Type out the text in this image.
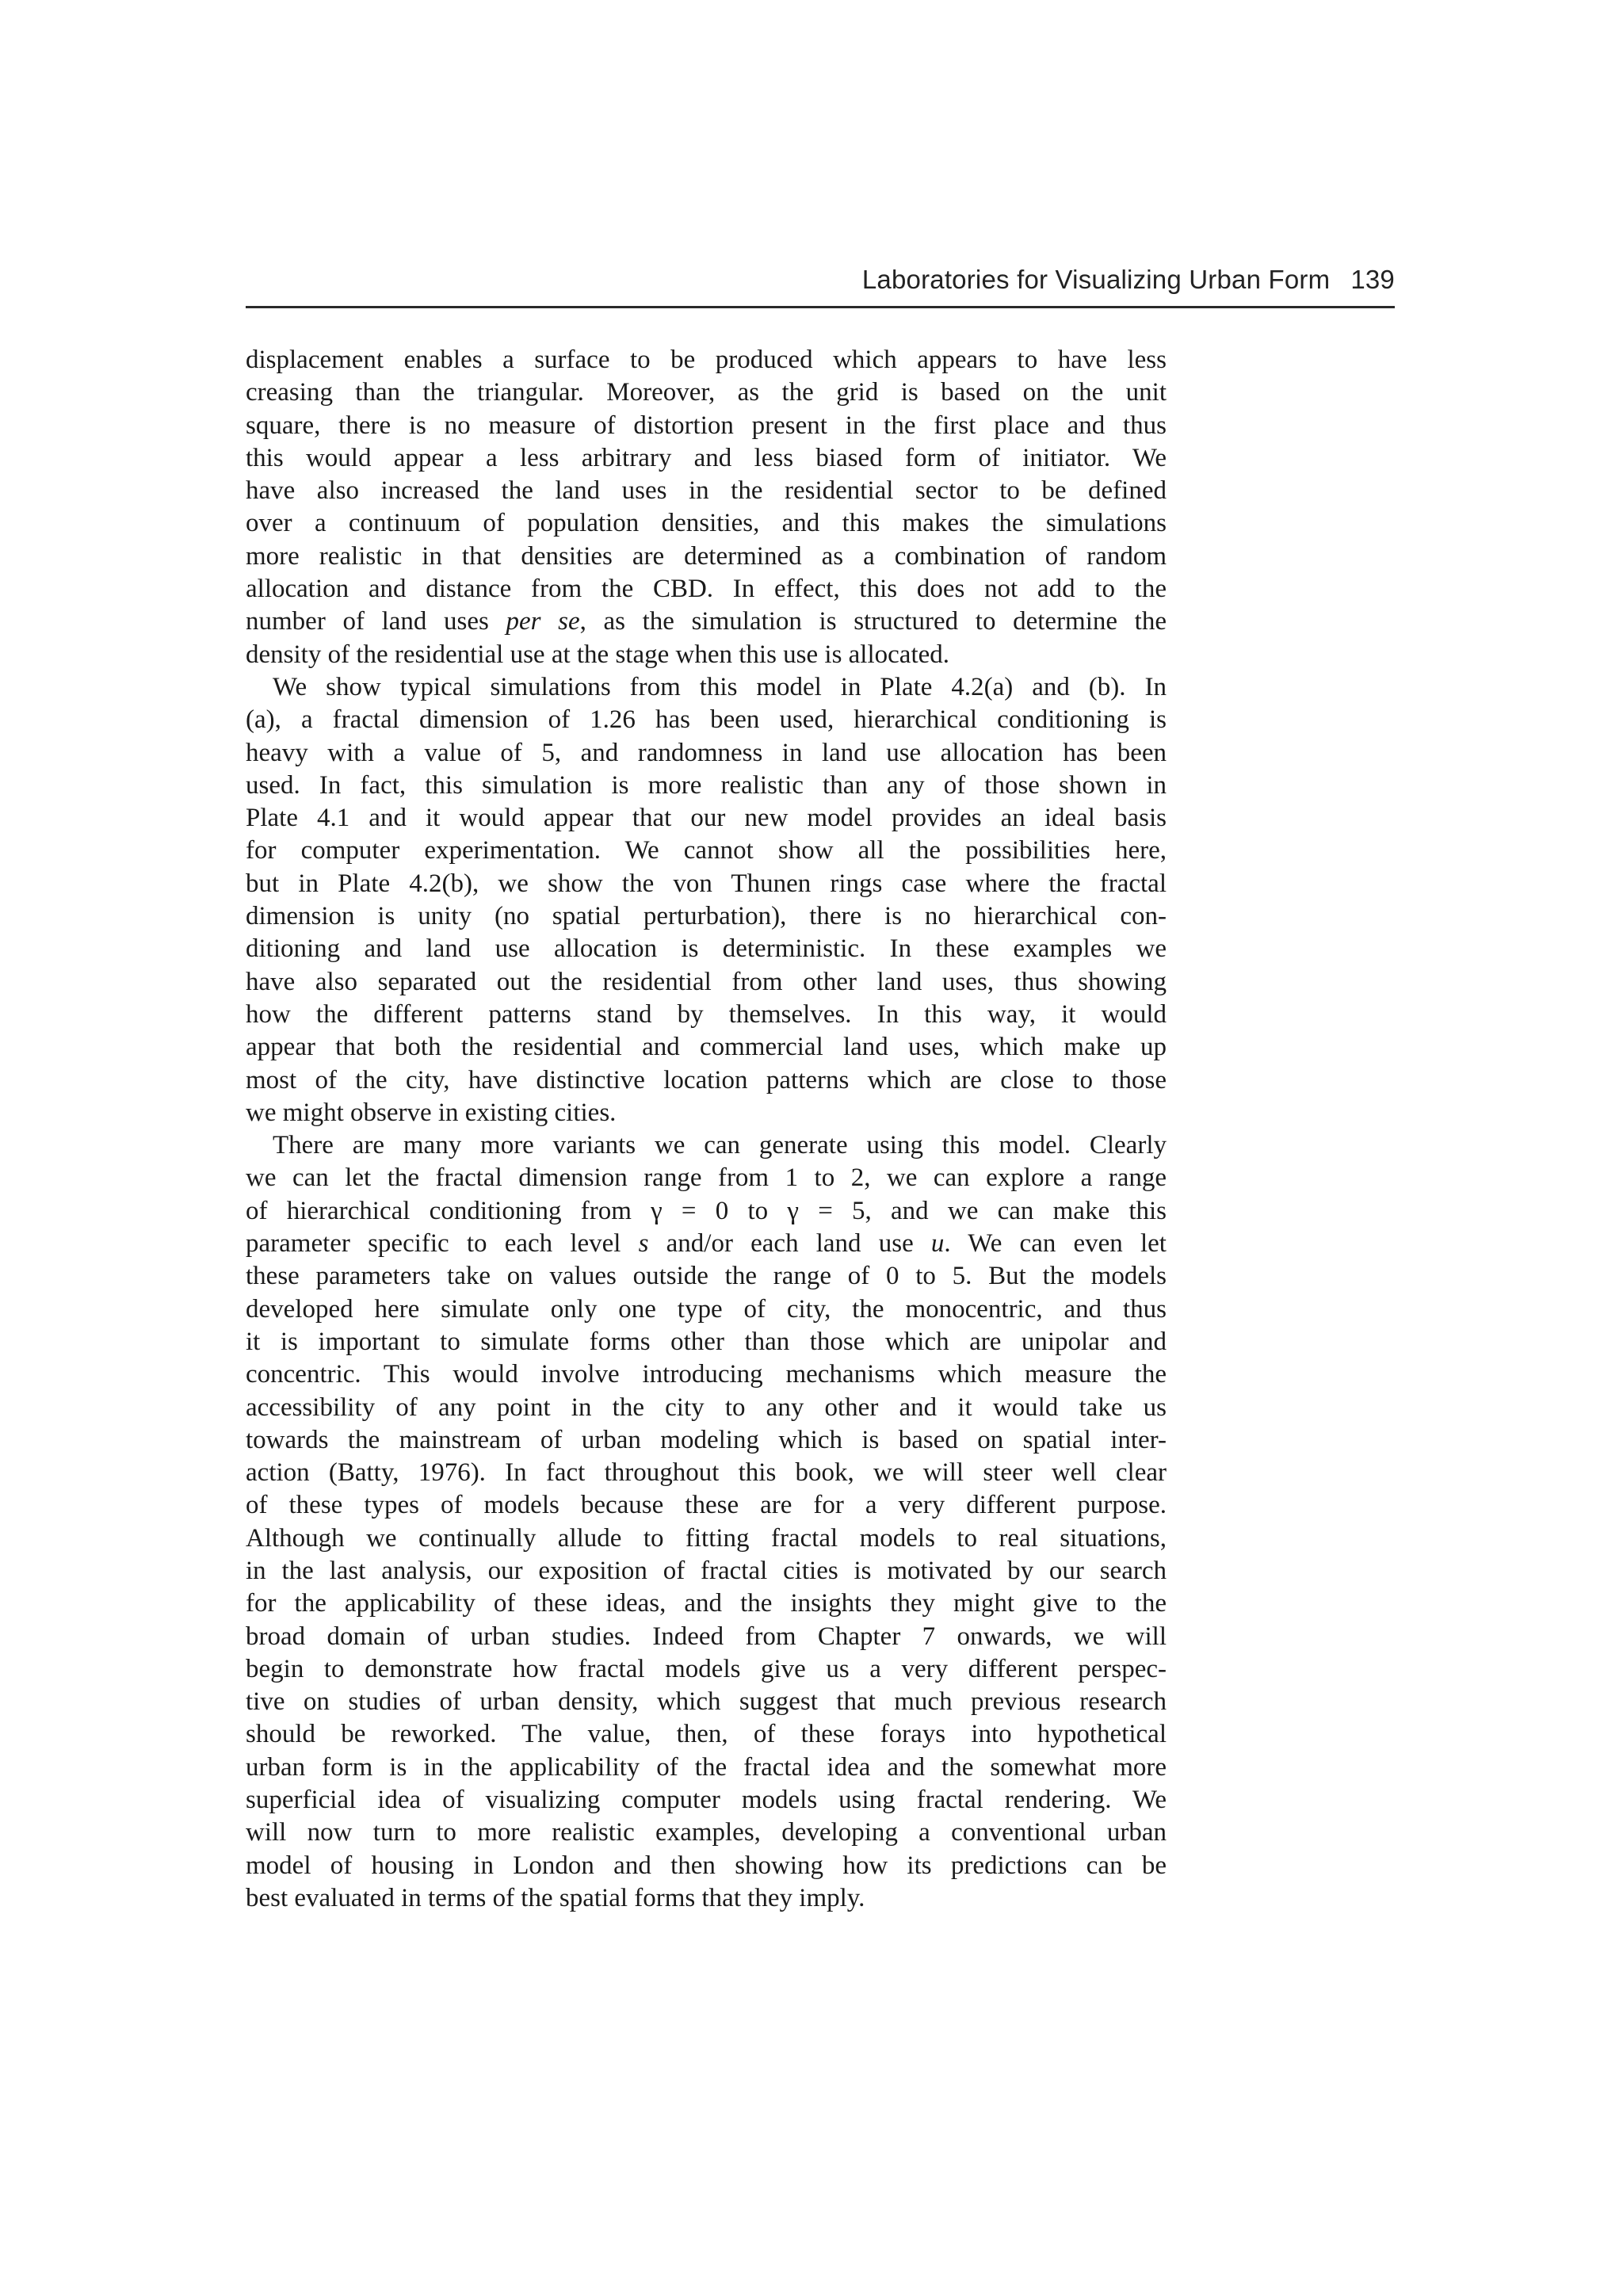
Laboratories for Visualizing Urban Form 139
displacement enables a surface to be produced which appears to have less
creasing than the triangular. Moreover, as the grid is based on the unit
square, there is no measure of distortion present in the first place and thus
this would appear a less arbitrary and less biased form of initiator. We
have also increased the land uses in the residential sector to be defined
over a continuum of population densities, and this makes the simulations
more realistic in that densities are determined as a combination of random
allocation and distance from the CBD. In effect, this does not add to the
number of land uses per se, as the simulation is structured to determine the
density of the residential use at the stage when this use is allocated.
We show typical simulations from this model in Plate 4.2(a) and (b). In
(a), a fractal dimension of 1.26 has been used, hierarchical conditioning is
heavy with a value of 5, and randomness in land use allocation has been
used. In fact, this simulation is more realistic than any of those shown in
Plate 4.1 and it would appear that our new model provides an ideal basis
for computer experimentation. We cannot show all the possibilities here,
but in Plate 4.2(b), we show the von Thunen rings case where the fractal
dimension is unity (no spatial perturbation), there is no hierarchical con-
ditioning and land use allocation is deterministic. In these examples we
have also separated out the residential from other land uses, thus showing
how the different patterns stand by themselves. In this way, it would
appear that both the residential and commercial land uses, which make up
most of the city, have distinctive location patterns which are close to those
we might observe in existing cities.
There are many more variants we can generate using this model. Clearly
we can let the fractal dimension range from 1 to 2, we can explore a range
of hierarchical conditioning from γ = 0 to γ = 5, and we can make this
parameter specific to each level s and/or each land use u. We can even let
these parameters take on values outside the range of 0 to 5. But the models
developed here simulate only one type of city, the monocentric, and thus
it is important to simulate forms other than those which are unipolar and
concentric. This would involve introducing mechanisms which measure the
accessibility of any point in the city to any other and it would take us
towards the mainstream of urban modeling which is based on spatial inter-
action (Batty, 1976). In fact throughout this book, we will steer well clear
of these types of models because these are for a very different purpose.
Although we continually allude to fitting fractal models to real situations,
in the last analysis, our exposition of fractal cities is motivated by our search
for the applicability of these ideas, and the insights they might give to the
broad domain of urban studies. Indeed from Chapter 7 onwards, we will
begin to demonstrate how fractal models give us a very different perspec-
tive on studies of urban density, which suggest that much previous research
should be reworked. The value, then, of these forays into hypothetical
urban form is in the applicability of the fractal idea and the somewhat more
superficial idea of visualizing computer models using fractal rendering. We
will now turn to more realistic examples, developing a conventional urban
model of housing in London and then showing how its predictions can be
best evaluated in terms of the spatial forms that they imply.
